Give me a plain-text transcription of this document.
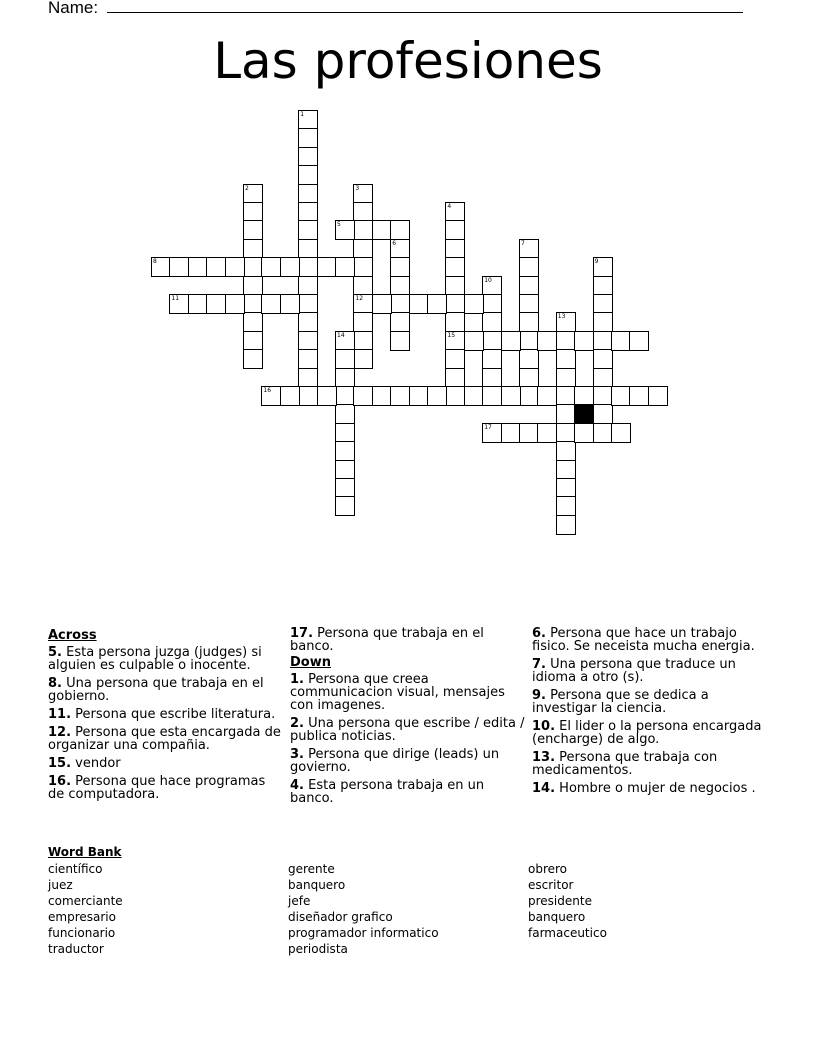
Name:
Las profesiones
1
2	3
12
4
15
5
6	7
8	9
10
11
13
14
16
17
Across
5. Esta persona juzga (judges) si alguien es culpable o inocente.
8. Una persona que trabaja en el gobierno.
11. Persona que escribe literatura.
12. Persona que esta encargada de organizar una compañia.
15. vendor
16. Persona que hace programas de computadora.
17. Persona que trabaja en el banco.
Down
1. Persona que creea communicacion visual, mensajes con imagenes.
2. Una persona que escribe / edita / publica noticias.
3. Persona que dirige (leads) un govierno.
4. Esta persona trabaja en un banco.
6. Persona que hace un trabajo fisico. Se neceista mucha energia.
7. Una persona que traduce un idioma a otro (s).
9. Persona que se dedica a investigar la ciencia.
10. El lider o la persona encargada (encharge) de algo.
13. Persona que trabaja con medicamentos.
14. Hombre o mujer de negocios .
Word Bank
científico
juez
comerciante
empresario
funcionario
traductor
gerente
banquero
jefe
diseñador grafico
programador informatico
periodista
obrero
escritor
presidente
banquero
farmaceutico
